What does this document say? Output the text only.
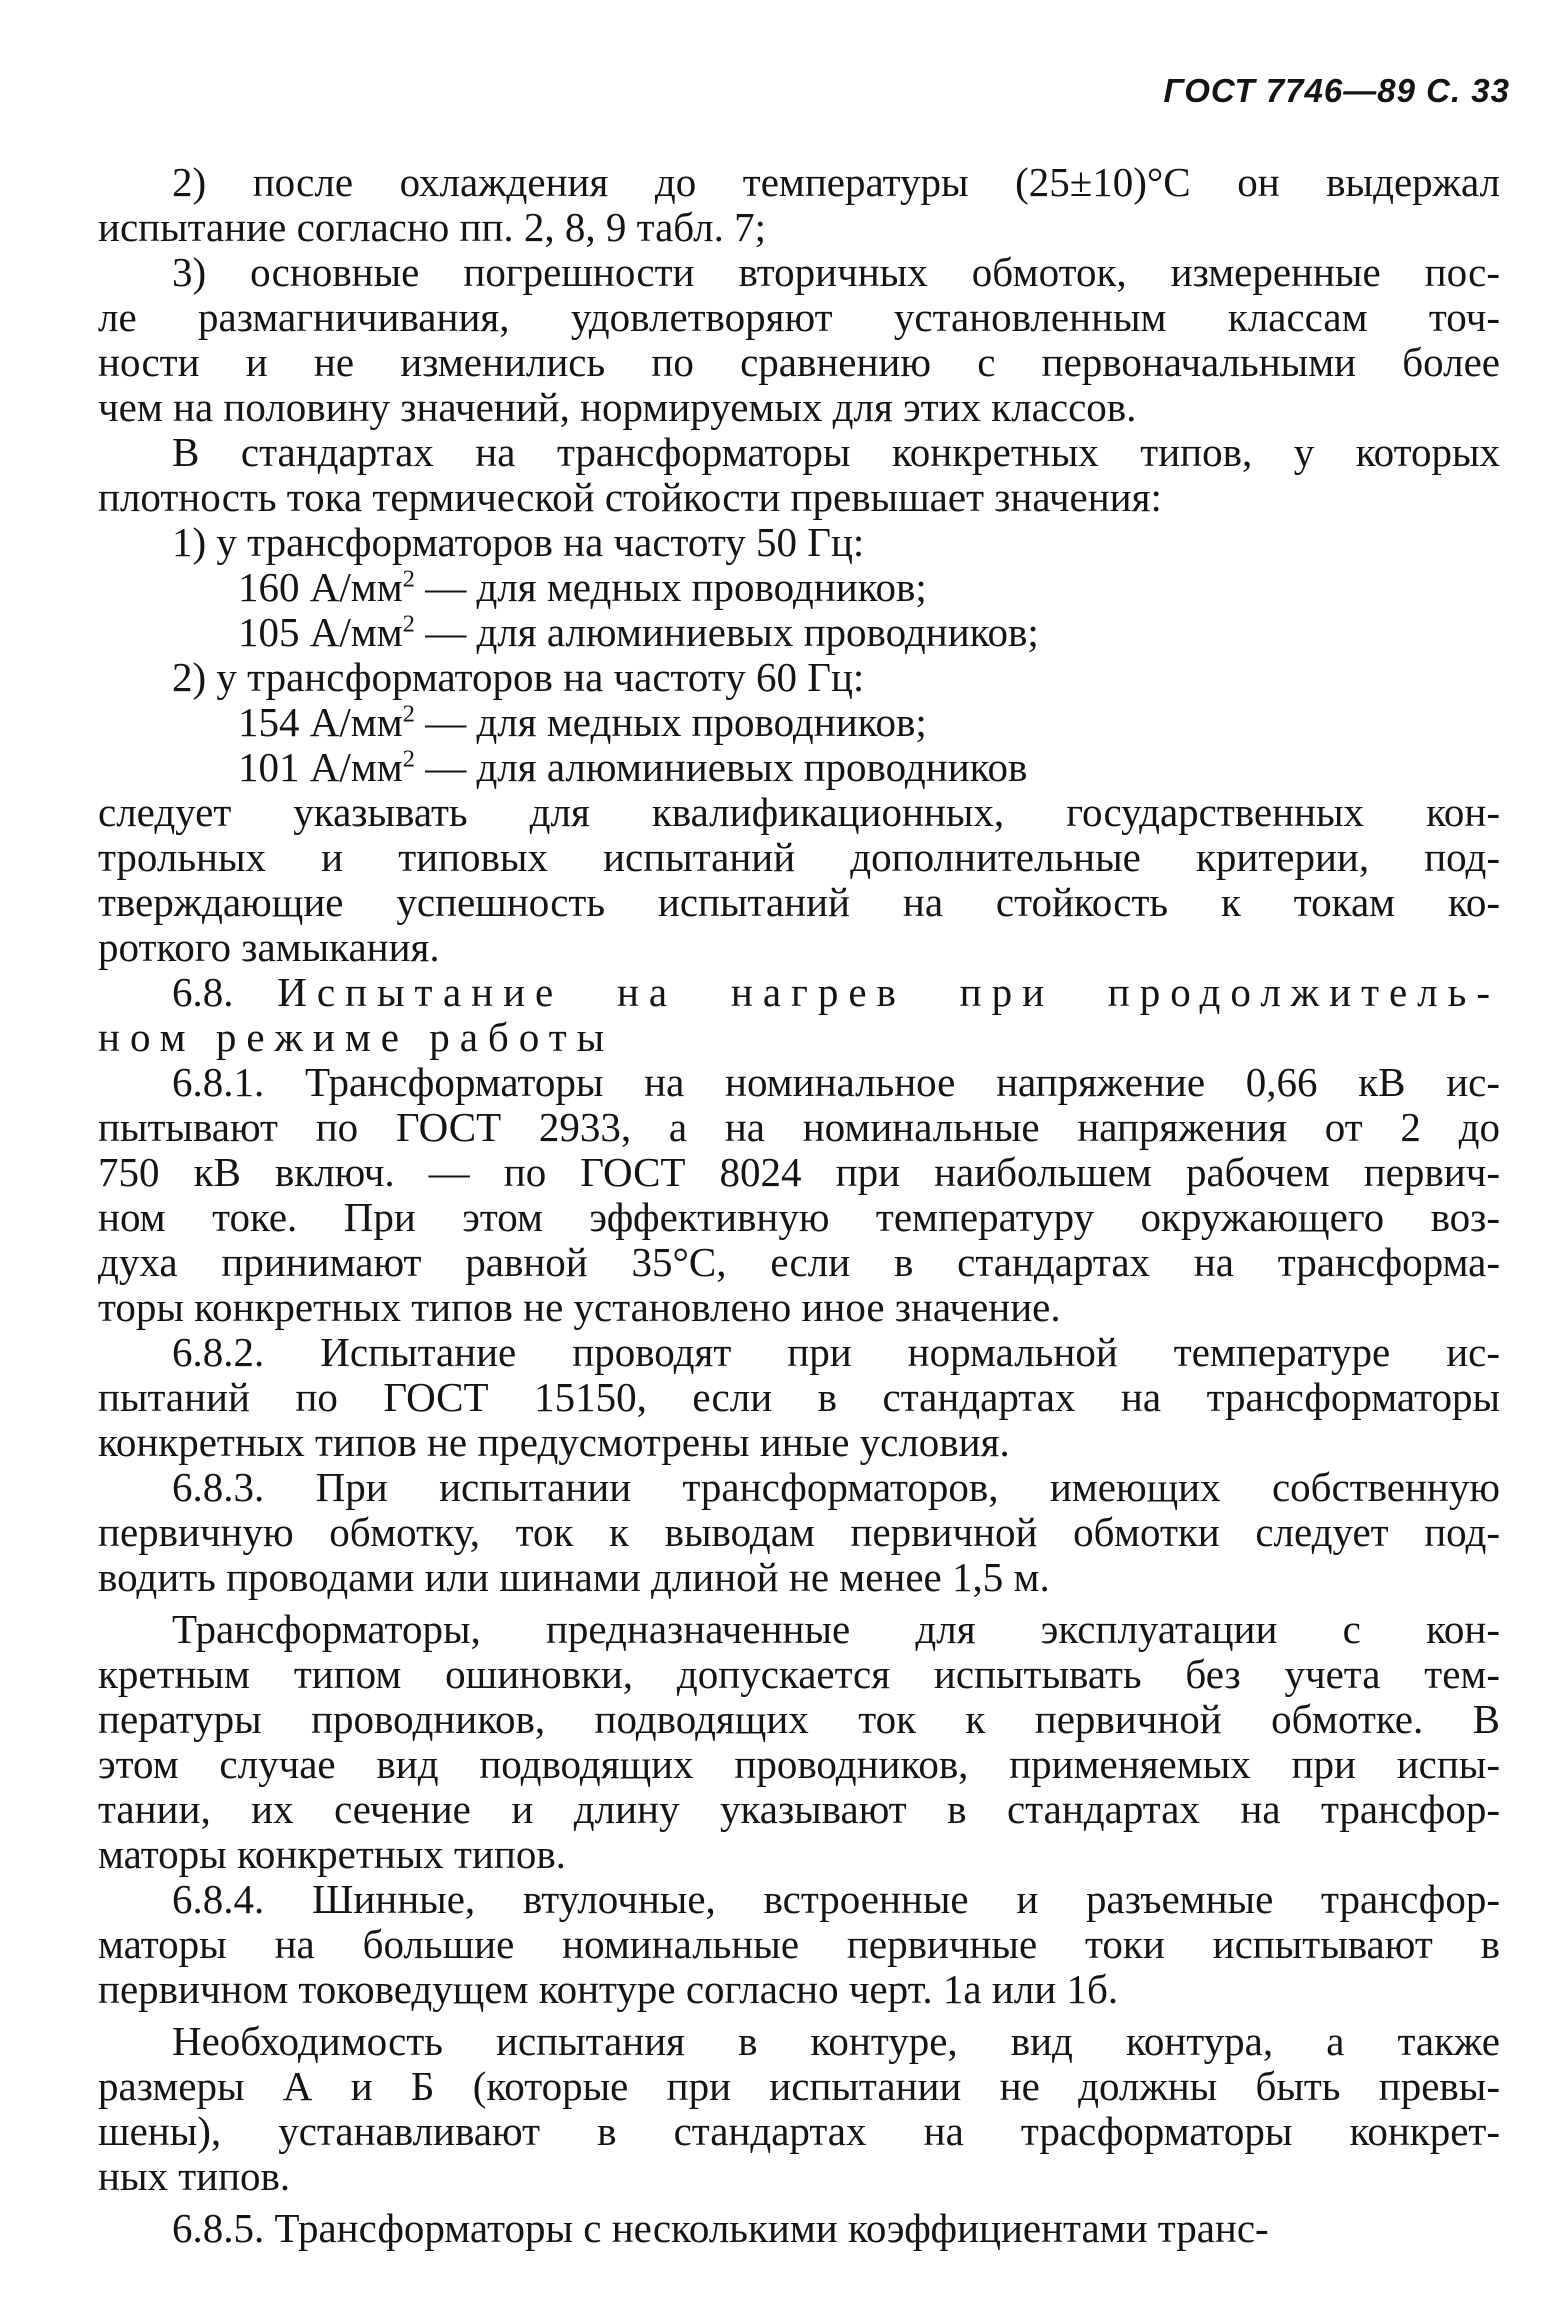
ГОСТ 7746—89 С. 33
2) после охлаждения до температуры (25±10)°С он выдержал
испытание согласно пп. 2, 8, 9 табл. 7;
3) основные погрешности вторичных обмоток, измеренные пос-
ле размагничивания, удовлетворяют установленным классам точ-
ности и не изменились по сравнению с первоначальными более
чем на половину значений, нормируемых для этих классов.
В стандартах на трансформаторы конкретных типов, у которых
плотность тока термической стойкости превышает значения:
1) у трансформаторов на частоту 50 Гц:
160 $А/мм^2$ — для медных проводников;
105 $А/мм^2$ — для алюминиевых проводников;
2) у трансформаторов на частоту 60 Гц:
154 $А/мм^2$ — для медных проводников;
101 $А/мм^2$ — для алюминиевых проводников
следует указывать для квалификационных, государственных кон-
трольных и типовых испытаний дополнительные критерии, под-
тверждающие успешность испытаний на стойкость к токам ко-
роткого замыкания.
6.8. Испытание на нагрев при продолжитель-
ном режиме работы
6.8.1. Трансформаторы на номинальное напряжение 0,66 кВ ис-
пытывают по ГОСТ 2933, а на номинальные напряжения от 2 до
750 кВ включ. — по ГОСТ 8024 при наибольшем рабочем первич-
ном токе. При этом эффективную температуру окружающего воз-
духа принимают равной 35°С, если в стандартах на трансформа-
торы конкретных типов не установлено иное значение.
6.8.2. Испытание проводят при нормальной температуре ис-
пытаний по ГОСТ 15150, если в стандартах на трансформаторы
конкретных типов не предусмотрены иные условия.
6.8.3. При испытании трансформаторов, имеющих собственную
первичную обмотку, ток к выводам первичной обмотки следует под-
водить проводами или шинами длиной не менее 1,5 м.
Трансформаторы, предназначенные для эксплуатации с кон-
кретным типом ошиновки, допускается испытывать без учета тем-
пературы проводников, подводящих ток к первичной обмотке. В
этом случае вид подводящих проводников, применяемых при испы-
тании, их сечение и длину указывают в стандартах на трансфор-
маторы конкретных типов.
6.8.4. Шинные, втулочные, встроенные и разъемные трансфор-
маторы на большие номинальные первичные токи испытывают в
первичном токоведущем контуре согласно черт. 1а или 1б.
Необходимость испытания в контуре, вид контура, а также
размеры А и Б (которые при испытании не должны быть превы-
шены), устанавливают в стандартах на трасформаторы конкрет-
ных типов.
6.8.5. Трансформаторы с несколькими коэффициентами транс-
